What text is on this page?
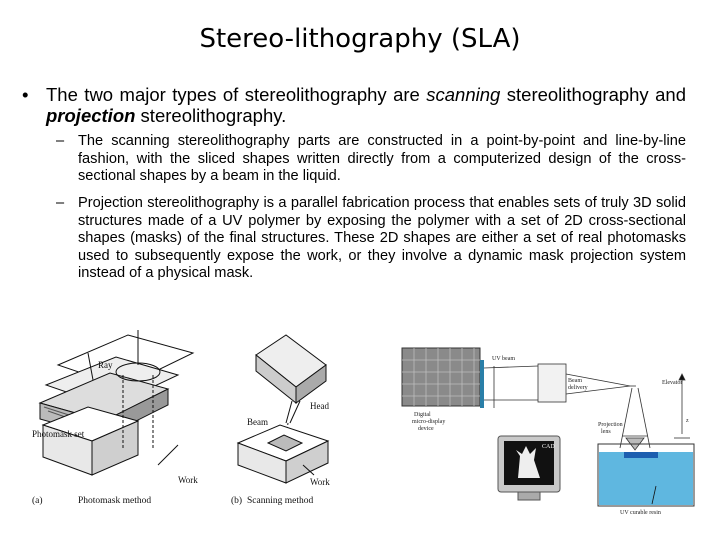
Stereo-lithography (SLA)
• The two major types of stereolithography are scanning stereolithography and projection stereolithography.
– The scanning stereolithography parts are constructed in a point-by-point and line-by-line fashion, with the sliced shapes written directly from a computerized design of the cross-sectional shapes by a beam in the liquid.
– Projection stereolithography is a parallel fabrication process that enables sets of truly 3D solid structures made of a UV polymer by exposing the polymer with a set of 2D cross-sectional shapes (masks) of the final structures. These 2D shapes are either a set of real photomasks used to subsequently expose the work, or they involve a dynamic mask projection system instead of a physical mask.
Ray
Photomask set
Work
(a)	Photomask method
Head
Beam
Work
(b) Scanning method
UV beam
Beam
delivery
Elevator
Digital
micro-display
device
Projection
lens
CAD
z
UV curable resin
